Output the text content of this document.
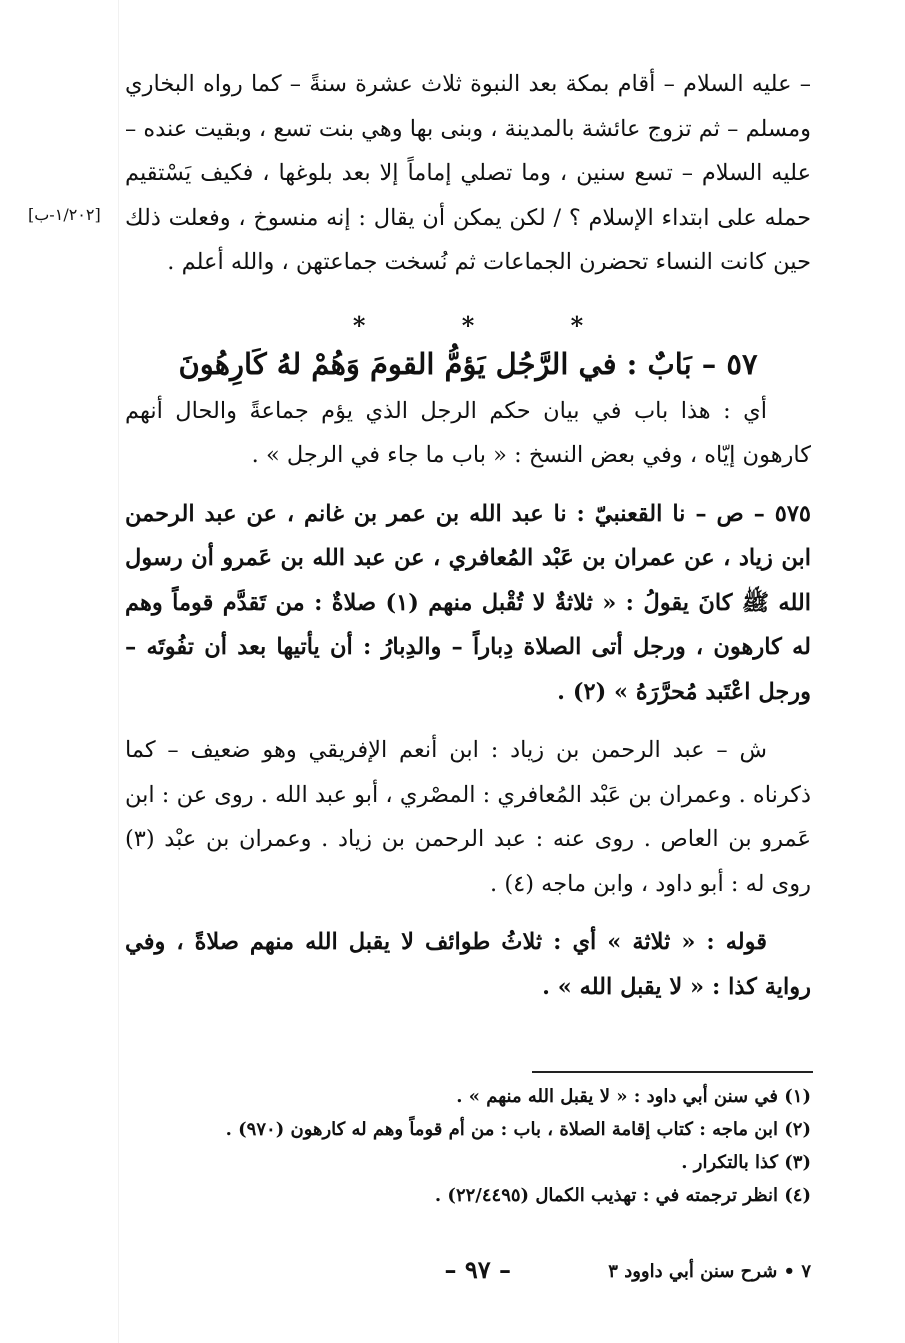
[١/٢٠٢-ب]

– عليه السلام – أقام بمكة بعد النبوة ثلاث عشرة سنةً – كما رواه البخاري ومسلم – ثم تزوج عائشة بالمدينة ، وبنى بها وهي بنت تسع ، وبقيت عنده – عليه السلام – تسع سنين ، وما تصلي إماماً إلا بعد بلوغها ، فكيف يَسْتقيم حمله على ابتداء الإسلام ؟ / لكن يمكن أن يقال : إنه منسوخ ، وفعلت ذلك حين كانت النساء تحضرن الجماعات ثم نُسخت جماعتهن ، والله أعلم .

* * *
٥٧ – بَابٌ : في الرَّجُل يَؤمُّ القومَ وَهُمْ لهُ كَارِهُونَ

أي : هذا باب في بيان حكم الرجل الذي يؤم جماعةً والحال أنهم كارهون إيّاه ، وفي بعض النسخ : « باب ما جاء في الرجل » .

٥٧٥ – ص – نا القعنبيّ : نا عبد الله بن عمر بن غانم ، عن عبد الرحمن ابن زياد ، عن عمران بن عَبْد المُعافري ، عن عبد الله بن عَمرو أن رسول الله ﷺ كانَ يقولُ : « ثلاثةٌ لا تُقْبل منهم (١) صلاةٌ : من تَقدَّم قوماً وهم له كارهون ، ورجل أتى الصلاة دِباراً – والدِبارُ : أن يأتيها بعد أن تفُوتَه – ورجل اعْتَبد مُحرَّرَهُ » (٢) .

ش – عبد الرحمن بن زياد : ابن أنعم الإفريقي وهو ضعيف – كما ذكرناه . وعمران بن عَبْد المُعافري : المصْري ، أبو عبد الله . روى عن : ابن عَمرو بن العاص . روى عنه : عبد الرحمن بن زياد . وعمران بن عبْد (٣) روى له : أبو داود ، وابن ماجه (٤) .

قوله : « ثلاثة » أي : ثلاثُ طوائف لا يقبل الله منهم صلاةً ، وفي رواية كذا : « لا يقبل الله » .

(١) في سنن أبي داود : « لا يقبل الله منهم » .
(٢) ابن ماجه : كتاب إقامة الصلاة ، باب : من أم قوماً وهم له كارهون (٩٧٠) .
(٣) كذا بالتكرار .
(٤) انظر ترجمته في : تهذيب الكمال (٢٢/٤٤٩٥) .
٧ • شرح سنن أبي داوود ٣
– ٩٧ –
